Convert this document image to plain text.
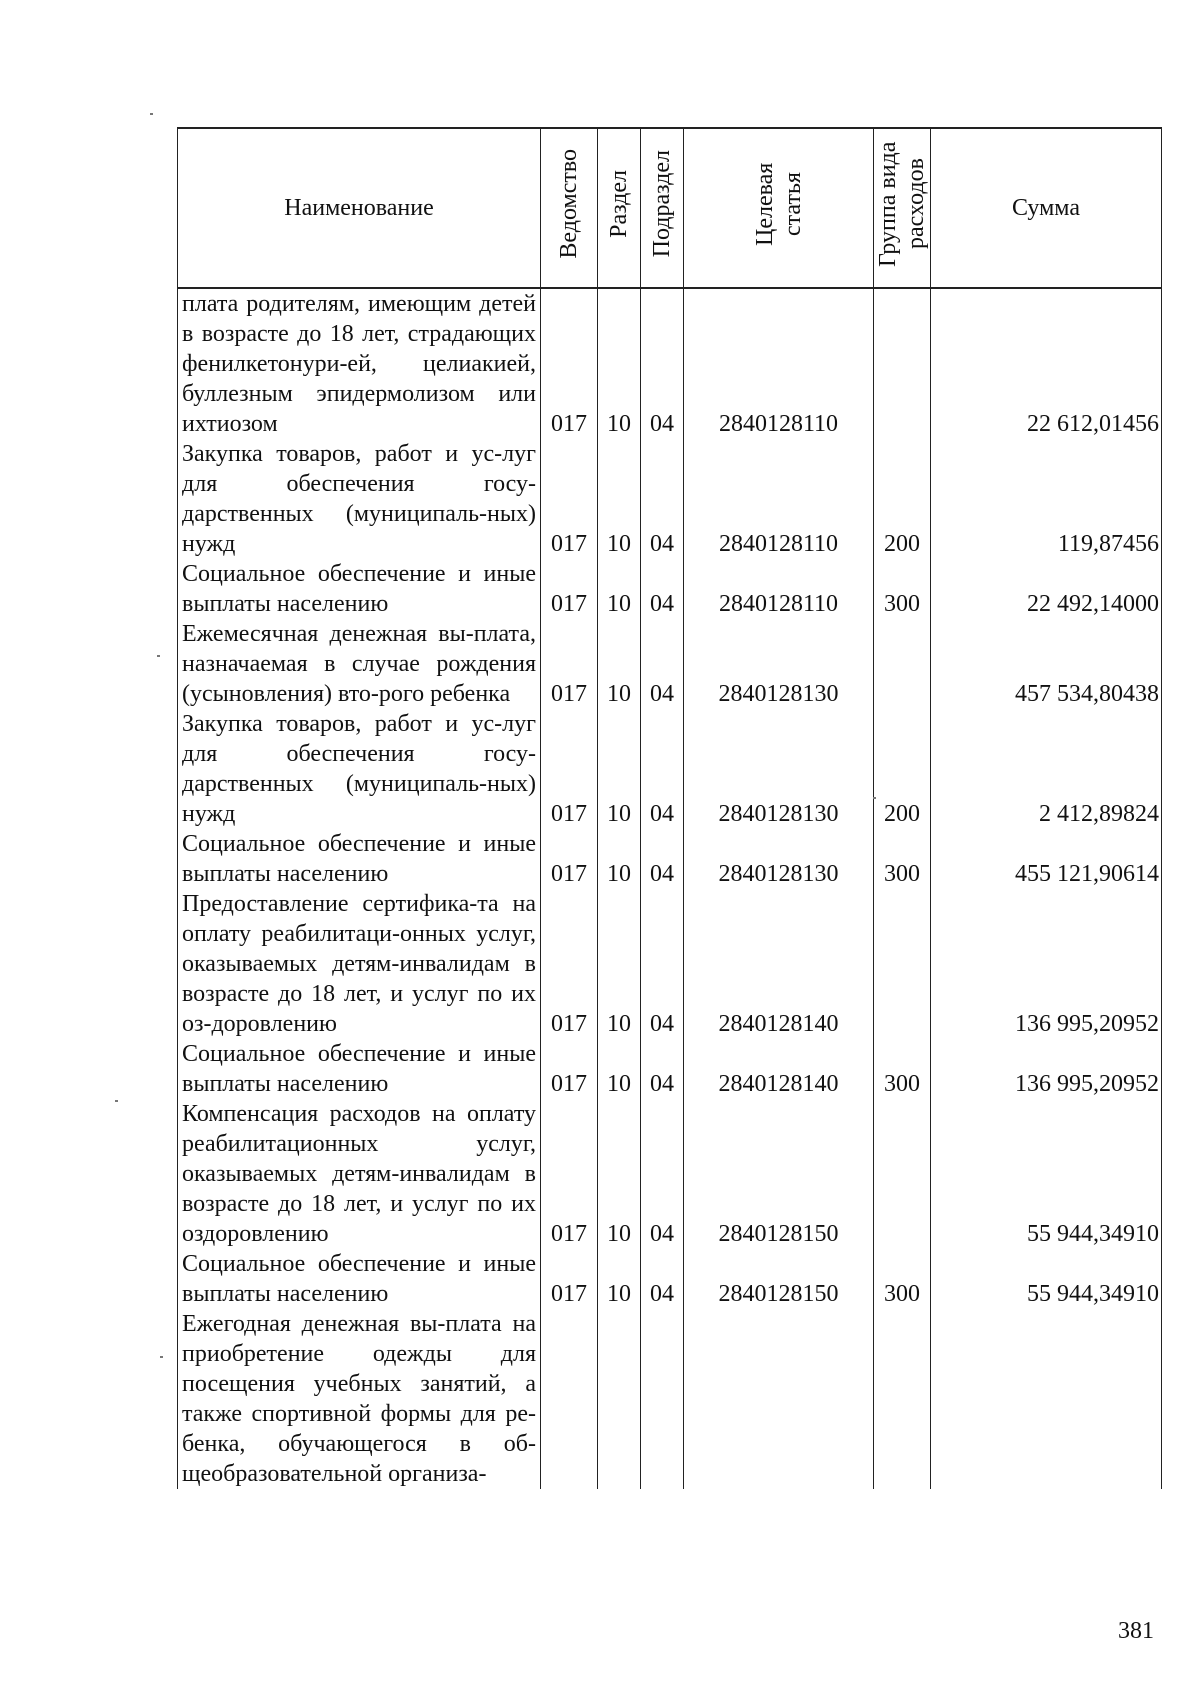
Наименование	Ведомство	Раздел	Подраздел	Целевая статья	Группа вида расходов	Сумма
плата родителям, имеющим детей в возрасте до 18 лет, страдающих фенилкетонури-ей, целиакией, буллезным эпидермолизом или ихтиозом	017	10	04	2840128110		22 612,01456
Закупка товаров, работ и ус-луг для обеспечения госу-дарственных (муниципаль-ных) нужд	017	10	04	2840128110	200	119,87456
Социальное обеспечение и иные выплаты населению	017	10	04	2840128110	300	22 492,14000
Ежемесячная денежная вы-плата, назначаемая в случае рождения (усыновления) вто-рого ребенка	017	10	04	2840128130		457 534,80438
Закупка товаров, работ и ус-луг для обеспечения госу-дарственных (муниципаль-ных) нужд	017	10	04	2840128130	200	2 412,89824
Социальное обеспечение и иные выплаты населению	017	10	04	2840128130	300	455 121,90614
Предоставление сертифика-та на оплату реабилитаци-онных услуг, оказываемых детям-инвалидам в возрасте до 18 лет, и услуг по их оз-доровлению	017	10	04	2840128140		136 995,20952
Социальное обеспечение и иные выплаты населению	017	10	04	2840128140	300	136 995,20952
Компенсация расходов на оплату реабилитационных услуг, оказываемых детям-инвалидам в возрасте до 18 лет, и услуг по их оздоровлению	017	10	04	2840128150		55 944,34910
Социальное обеспечение и иные выплаты населению	017	10	04	2840128150	300	55 944,34910
Ежегодная денежная вы-плата на приобретение одежды для посещения учебных занятий, а также спортивной формы для ре-бенка, обучающегося в об-щеобразовательной организа-						
381
